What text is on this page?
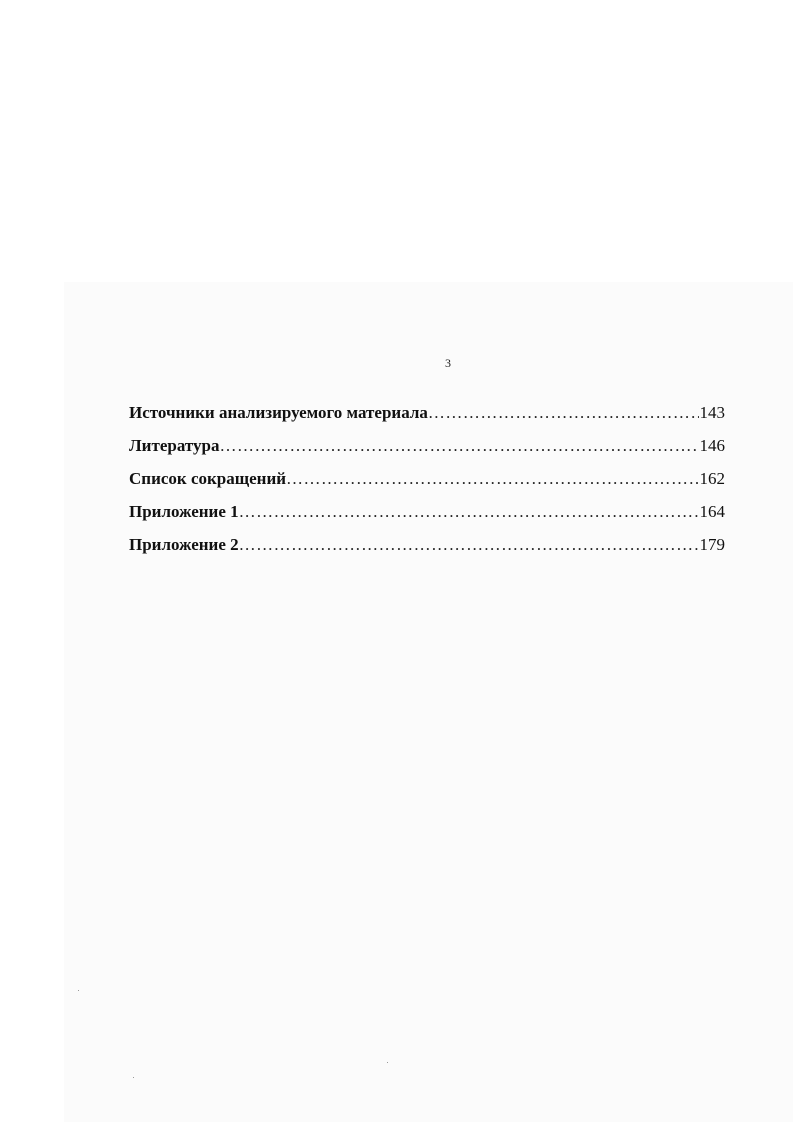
3
Источники анализируемого материала ………………………………………………………………………………………………………………………………………………………………………………	143
Литература ………………………………………………………………………………………………………………………………………………………………………………	146
Список сокращений ………………………………………………………………………………………………………………………………………………………………………………	162
Приложение 1 ………………………………………………………………………………………………………………………………………………………………………………	164
Приложение 2 ………………………………………………………………………………………………………………………………………………………………………………	179
